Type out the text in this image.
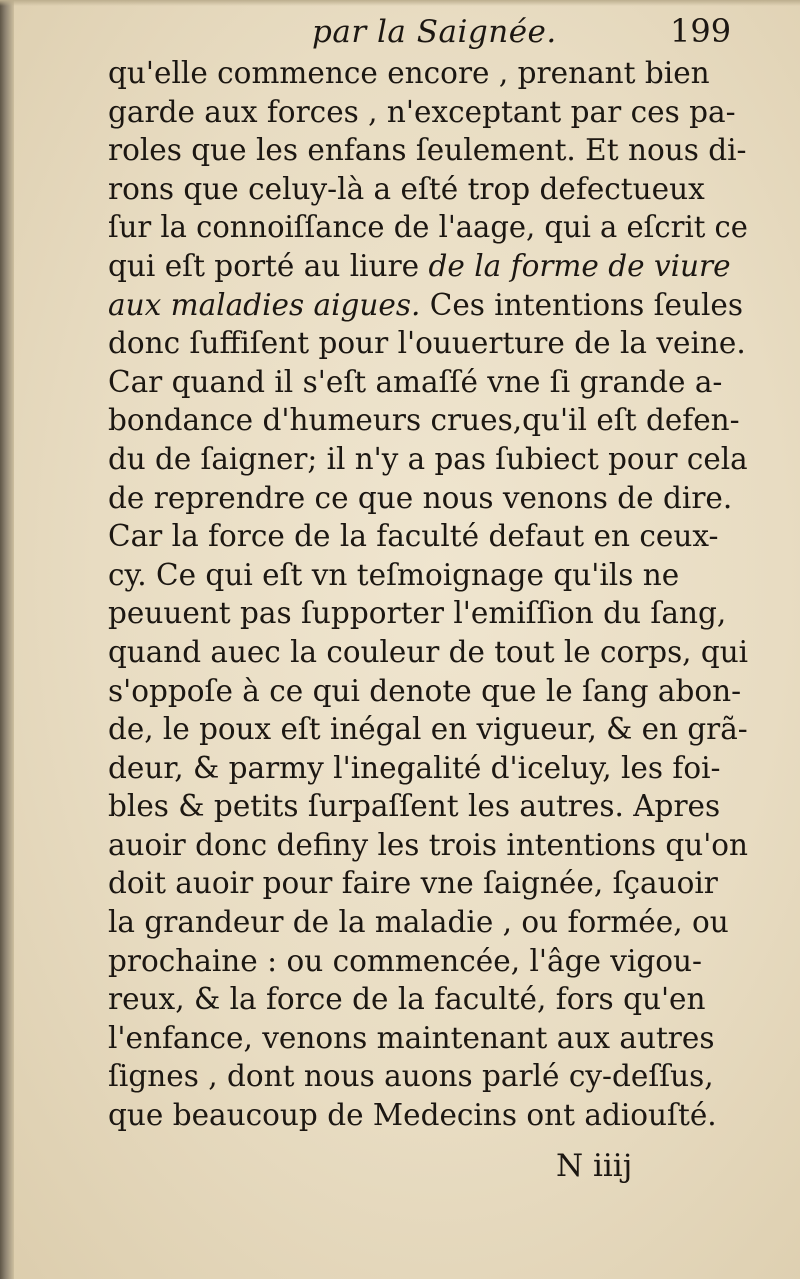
par la Saignée.	199
qu'elle commence encore , prenant bien
garde aux forces , n'exceptant par ces pa-
roles que les enfans ſeulement. Et nous di-
rons que celuy-là a eſté trop defectueux
ſur la connoiſſance de l'aage, qui a eſcrit ce
qui eſt porté au liure de la forme de viure
aux maladies aigues. Ces intentions ſeules
donc ſuffiſent pour l'ouuerture de la veine.
Car quand il s'eſt amaſſé vne ſi grande a-
bondance d'humeurs crues,qu'il eſt defen-
du de ſaigner; il n'y a pas ſubiect pour cela
de reprendre ce que nous venons de dire.
Car la force de la faculté defaut en ceux-
cy. Ce qui eſt vn teſmoignage qu'ils ne
peuuent pas ſupporter l'emiſſion du ſang,
quand auec la couleur de tout le corps, qui
s'oppoſe à ce qui denote que le ſang abon-
de, le poux eſt inégal en vigueur, & en grã-
deur, & parmy l'inegalité d'iceluy, les foi-
bles & petits ſurpaſſent les autres. Apres
auoir donc definy les trois intentions qu'on
doit auoir pour faire vne ſaignée, ſçauoir
la grandeur de la maladie , ou formée, ou
prochaine : ou commencée, l'âge vigou-
reux, & la force de la faculté, fors qu'en
l'enfance, venons maintenant aux autres
ſignes , dont nous auons parlé cy-deſſus,
que beaucoup de Medecins ont adiouſté.
N iiij
